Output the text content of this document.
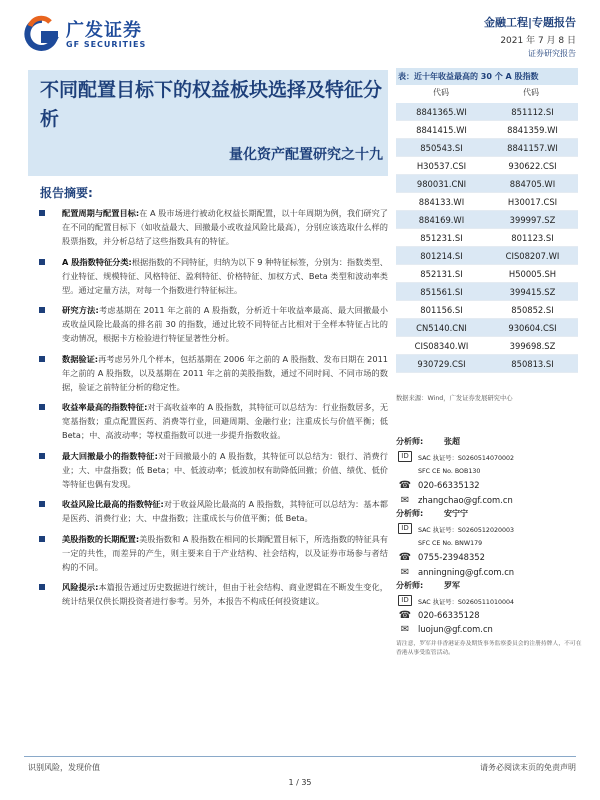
广发证券
GF SECURITIES
金融工程|专题报告
2021 年 7 月 8 日
证券研究报告
不同配置目标下的权益板块选择及特征分析
量化资产配置研究之十九
报告摘要:
配置周期与配置目标:在 A 股市场进行被动化权益长期配置，以十年周期为例，我们研究了在不同的配置目标下（如收益最大、回撤最小或收益风险比最高），分别应该选取什么样的股票指数，并分析总结了这些指数具有的特征。
A 股指数特征分类:根据指数的不同特征，归纳为以下 9 种特征标签，分别为：指数类型、行业特征、规模特征、风格特征、盈利特征、价格特征、加权方式、Beta 类型和波动率类型。通过定量方法，对每一个指数进行特征标注。
研究方法:考虑基期在 2011 年之前的 A 股指数，分析近十年收益率最高、最大回撤最小或收益风险比最高的排名前 30 的指数，通过比较不同特征占比相对于全样本特征占比的变动情况，根据卡方检验进行特征显著性分析。
数据验证:再考虑另外几个样本，包括基期在 2006 年之前的 A 股指数、发布日期在 2011 年之前的 A 股指数，以及基期在 2011 年之前的美股指数，通过不同时间、不同市场的数据，验证之前特征分析的稳定性。
收益率最高的指数特征:对于高收益率的 A 股指数，其特征可以总结为：行业指数居多，无宽基指数；重点配置医药、消费等行业，回避周期、金融行业；注重成长与价值平衡；低 Beta；中、高波动率；等权重指数可以进一步提升指数收益。
最大回撤最小的指数特征:对于回撤最小的 A 股指数，其特征可以总结为：银行、消费行业；大、中盘指数；低 Beta；中、低波动率；低波加权有助降低回撤；价值、绩优、低价等特征也偶有发现。
收益风险比最高的指数特征:对于收益风险比最高的 A 股指数，其特征可以总结为：基本都是医药、消费行业；大、中盘指数；注重成长与价值平衡；低 Beta。
美股指数的长期配置:美股指数和 A 股指数在相同的长期配置目标下，所选指数的特征具有一定的共性，而差异的产生，则主要来自于产业结构、社会结构，以及证券市场参与者结构的不同。
风险提示:本篇报告通过历史数据进行统计，但由于社会结构、商业逻辑在不断发生变化，统计结果仅供长期投资者进行参考。另外，本报告不构成任何投资建议。
表：近十年收益最高的 30 个 A 股指数
代码	代码
8841365.WI	851112.SI
8841415.WI	8841359.WI
850543.SI	8841157.WI
H30537.CSI	930622.CSI
980031.CNI	884705.WI
884133.WI	H30017.CSI
884169.WI	399997.SZ
851231.SI	801123.SI
801214.SI	CIS08207.WI
852131.SI	H50005.SH
851561.SI	399415.SZ
801156.SI	850852.SI
CN5140.CNI	930604.CSI
CIS08340.WI	399698.SZ
930729.CSI	850813.SI
数据来源：Wind，广发证券发展研究中心
分析师:	张超
ID	SAC 执证号：S0260514070002
SFC CE No. BOB130
☎ 020-66335132
✉	zhangchao@gf.com.cn
分析师:	安宁宁
ID	SAC 执证号：S0260512020003
SFC CE No. BNW179
☎ 0755-23948352
✉	anningning@gf.com.cn
分析师:	罗军
ID	SAC 执证号：S0260511010004
☎ 020-66335128
✉	luojun@gf.com.cn
请注意，罗军并非香港证券及期货事务监察委员会的注册持牌人，不可在香港从事受监管活动。
识别风险，发现价值	请务必阅读末页的免责声明
1 / 35
